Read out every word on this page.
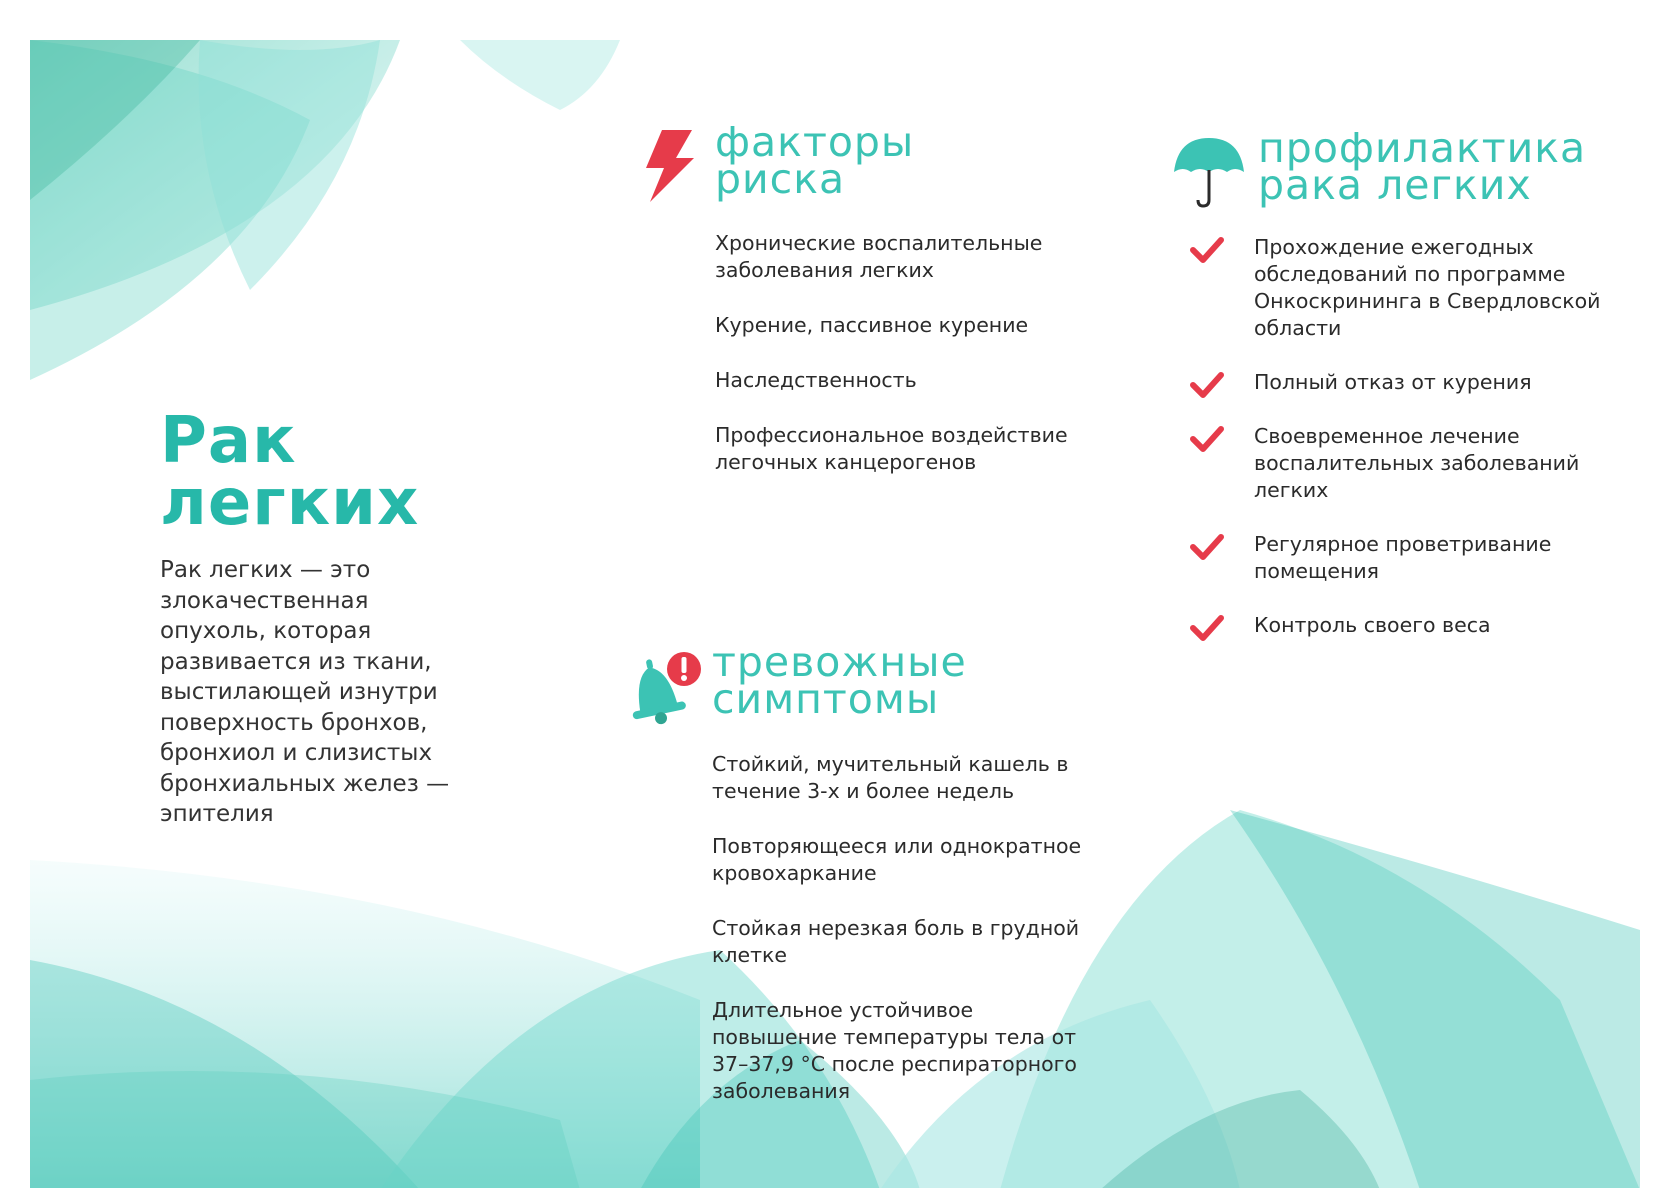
Рак
легких

Рак легких — это злокачественная опухоль, которая развивается из ткани, выстилающей изнутри поверхность бронхов, бронхиол и слизистых бронхиальных желез — эпителия

факторы
риска
Хронические воспалительные заболевания легких
Курение, пассивное курение
Наследственность
Профессиональное воздействие легочных канцерогенов
тревожные
симптомы
Стойкий, мучительный кашель в течение 3-х и более недель
Повторяющееся или однократное кровохаркание
Стойкая нерезкая боль в грудной клетке
Длительное устойчивое повышение температуры тела от 37–37,9 °С после респираторного заболевания
профилактика
рака легких
Прохождение ежегодных обследований по программе Онкоскрининга в Свердловской области
Полный отказ от курения
Своевременное лечение воспалительных заболеваний легких
Регулярное проветривание помещения
Контроль своего веса
